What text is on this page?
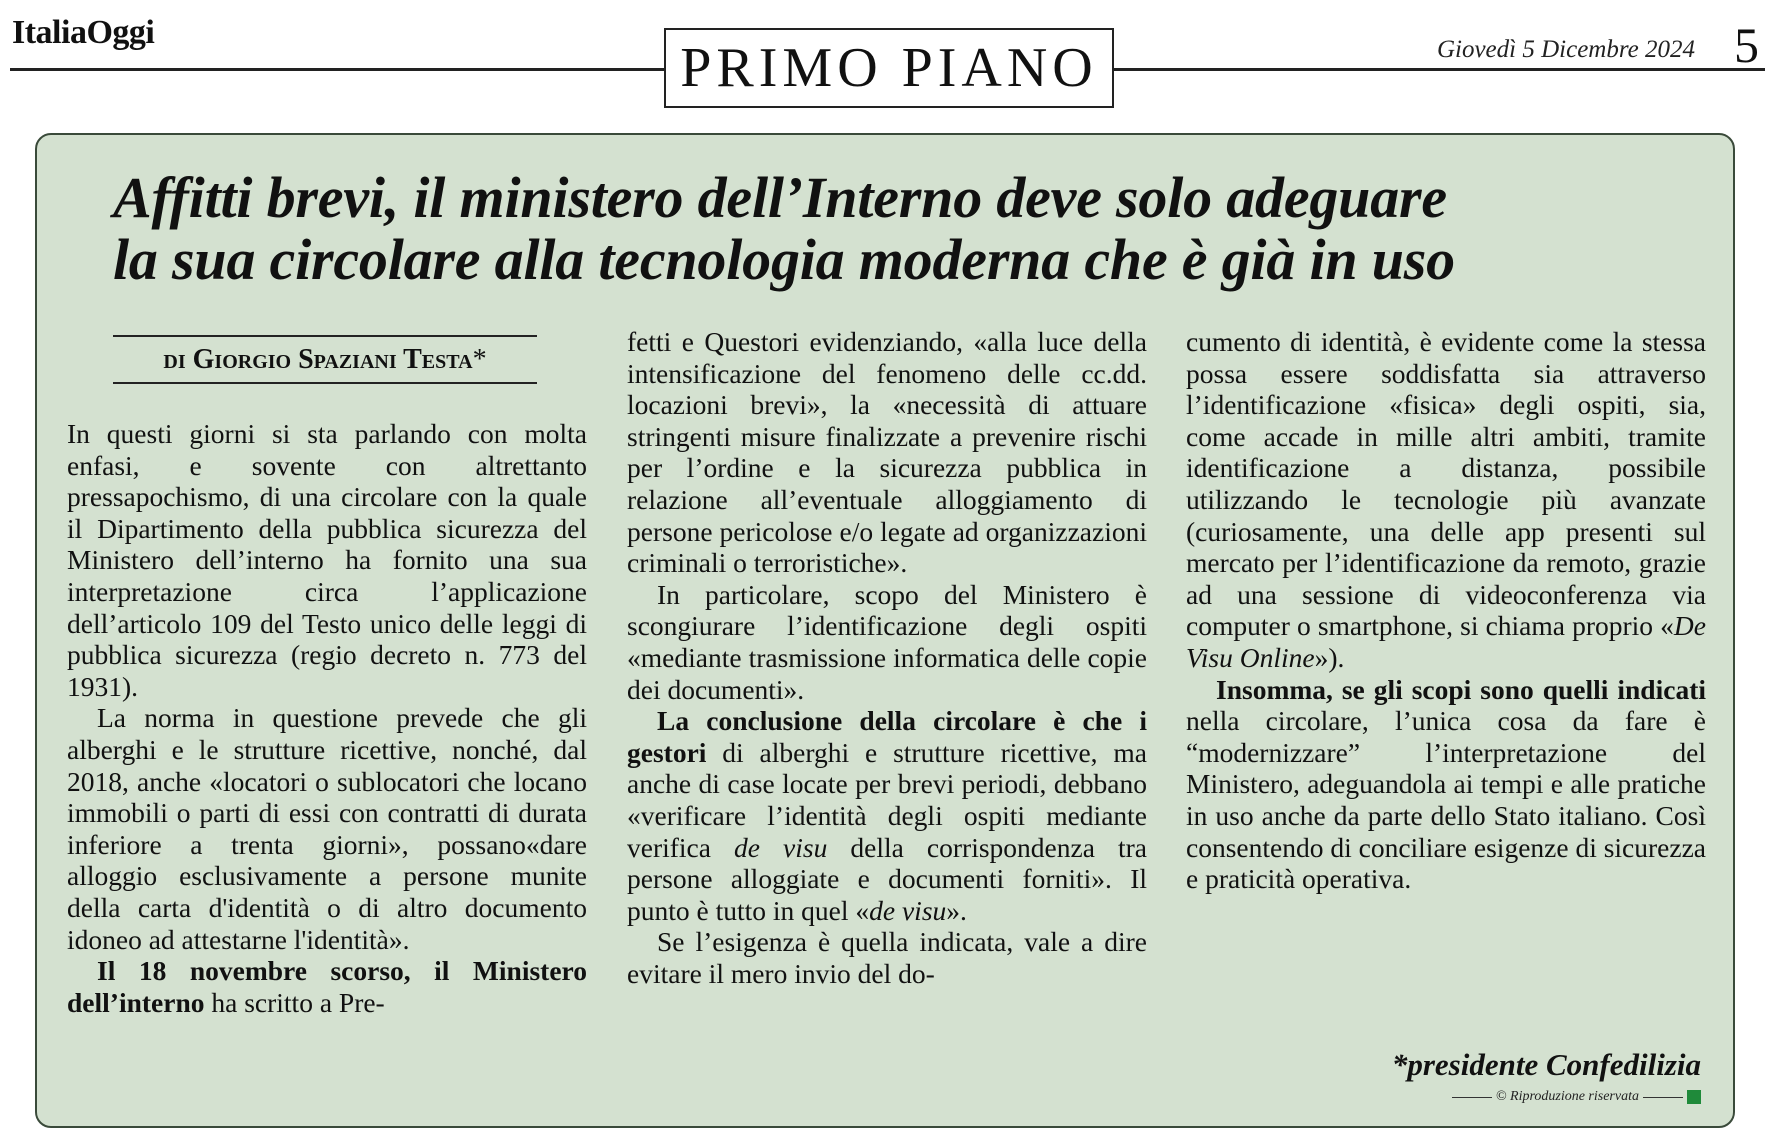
ItaliaOggi
PRIMO PIANO	Giovedì 5 Dicembre 2024 5
Affitti brevi, il ministero dell’Interno deve solo adeguare
la sua circolare alla tecnologia moderna che è già in uso
di Giorgio Spaziani Testa*

In questi giorni si sta parlando con molta enfasi, e sovente con altrettanto pressapochismo, di una circolare con la quale il Dipartimento della pubblica sicurezza del Ministero dell’interno ha fornito una sua interpretazione circa l’applicazione dell’articolo 109 del Testo unico delle leggi di pubblica sicurezza (regio decreto n. 773 del 1931).

La norma in questione prevede che gli alberghi e le strutture ricettive, nonché, dal 2018, anche «locatori o sublocatori che locano immobili o parti di essi con contratti di durata inferiore a trenta giorni», possano«dare alloggio esclusivamente a persone munite della carta d'identità o di altro documento idoneo ad attestarne l'identità».

Il 18 novembre scorso, il Ministero dell’interno ha scritto a Pre-

fetti e Questori evidenziando, «alla luce della intensificazione del fenomeno delle cc.dd. locazioni brevi», la «necessità di attuare stringenti misure finalizzate a prevenire rischi per l’ordine e la sicurezza pubblica in relazione all’eventuale alloggiamento di persone pericolose e/o legate ad organizzazioni criminali o terroristiche».

In particolare, scopo del Ministero è scongiurare l’identificazione degli ospiti «mediante trasmissione informatica delle copie dei documenti».

La conclusione della circolare è che i gestori di alberghi e strutture ricettive, ma anche di case locate per brevi periodi, debbano «verificare l’identità degli ospiti mediante verifica de visu della corrispondenza tra persone alloggiate e documenti forniti». Il punto è tutto in quel «de visu».

Se l’esigenza è quella indicata, vale a dire evitare il mero invio del do-

cumento di identità, è evidente come la stessa possa essere soddisfatta sia attraverso l’identificazione «fisica» degli ospiti, sia, come accade in mille altri ambiti, tramite identificazione a distanza, possibile utilizzando le tecnologie più avanzate (curiosamente, una delle app presenti sul mercato per l’identificazione da remoto, grazie ad una sessione di videoconferenza via computer o smartphone, si chiama proprio «De Visu Online»).

Insomma, se gli scopi sono quelli indicati nella circolare, l’unica cosa da fare è “modernizzare” l’interpretazione del Ministero, adeguandola ai tempi e alle pratiche in uso anche da parte dello Stato italiano. Così consentendo di conciliare esigenze di sicurezza e praticità operativa.

*presidente Confedilizia
© Riproduzione riservata
